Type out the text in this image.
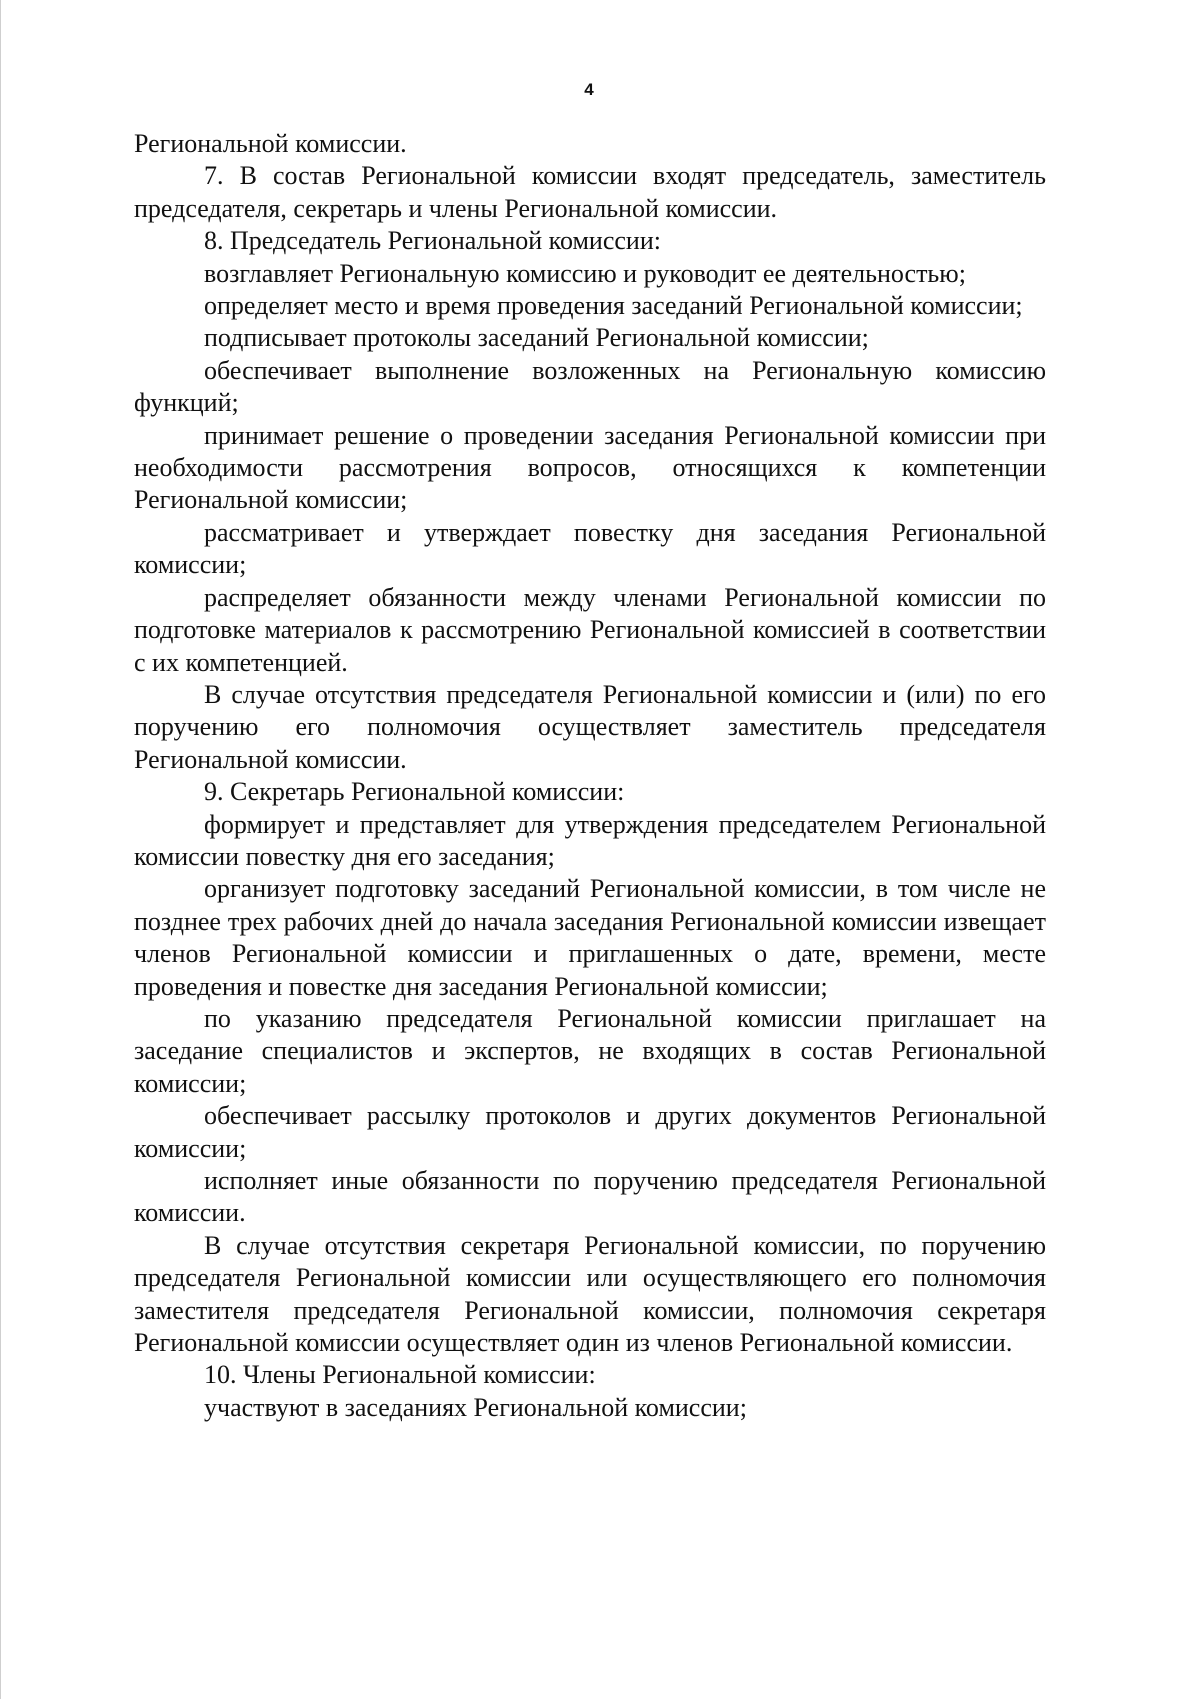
4

Региональной комиссии.

7. В состав Региональной комиссии входят председатель, заместитель председателя, секретарь и члены Региональной комиссии.

8. Председатель Региональной комиссии:

возглавляет Региональную комиссию и руководит ее деятельностью;

определяет место и время проведения заседаний Региональной комиссии;

подписывает протоколы заседаний Региональной комиссии;

обеспечивает выполнение возложенных на Региональную комиссию функций;

принимает решение о проведении заседания Региональной комиссии при необходимости рассмотрения вопросов, относящихся к компетенции Региональной комиссии;

рассматривает и утверждает повестку дня заседания Региональной комиссии;

распределяет обязанности между членами Региональной комиссии по подготовке материалов к рассмотрению Региональной комиссией в соответствии с их компетенцией.

В случае отсутствия председателя Региональной комиссии и (или) по его поручению его полномочия осуществляет заместитель председателя Региональной комиссии.

9. Секретарь Региональной комиссии:

формирует и представляет для утверждения председателем Региональной комиссии повестку дня его заседания;

организует подготовку заседаний Региональной комиссии, в том числе не позднее трех рабочих дней до начала заседания Региональной комиссии извещает членов Региональной комиссии и приглашенных о дате, времени, месте проведения и повестке дня заседания Региональной комиссии;

по указанию председателя Региональной комиссии приглашает на заседание специалистов и экспертов, не входящих в состав Региональной комиссии;

обеспечивает рассылку протоколов и других документов Региональной комиссии;

исполняет иные обязанности по поручению председателя Региональной комиссии.

В случае отсутствия секретаря Региональной комиссии, по поручению председателя Региональной комиссии или осуществляющего его полномочия заместителя председателя Региональной комиссии, полномочия секретаря Региональной комиссии осуществляет один из членов Региональной комиссии.

10. Члены Региональной комиссии:

участвуют в заседаниях Региональной комиссии;
